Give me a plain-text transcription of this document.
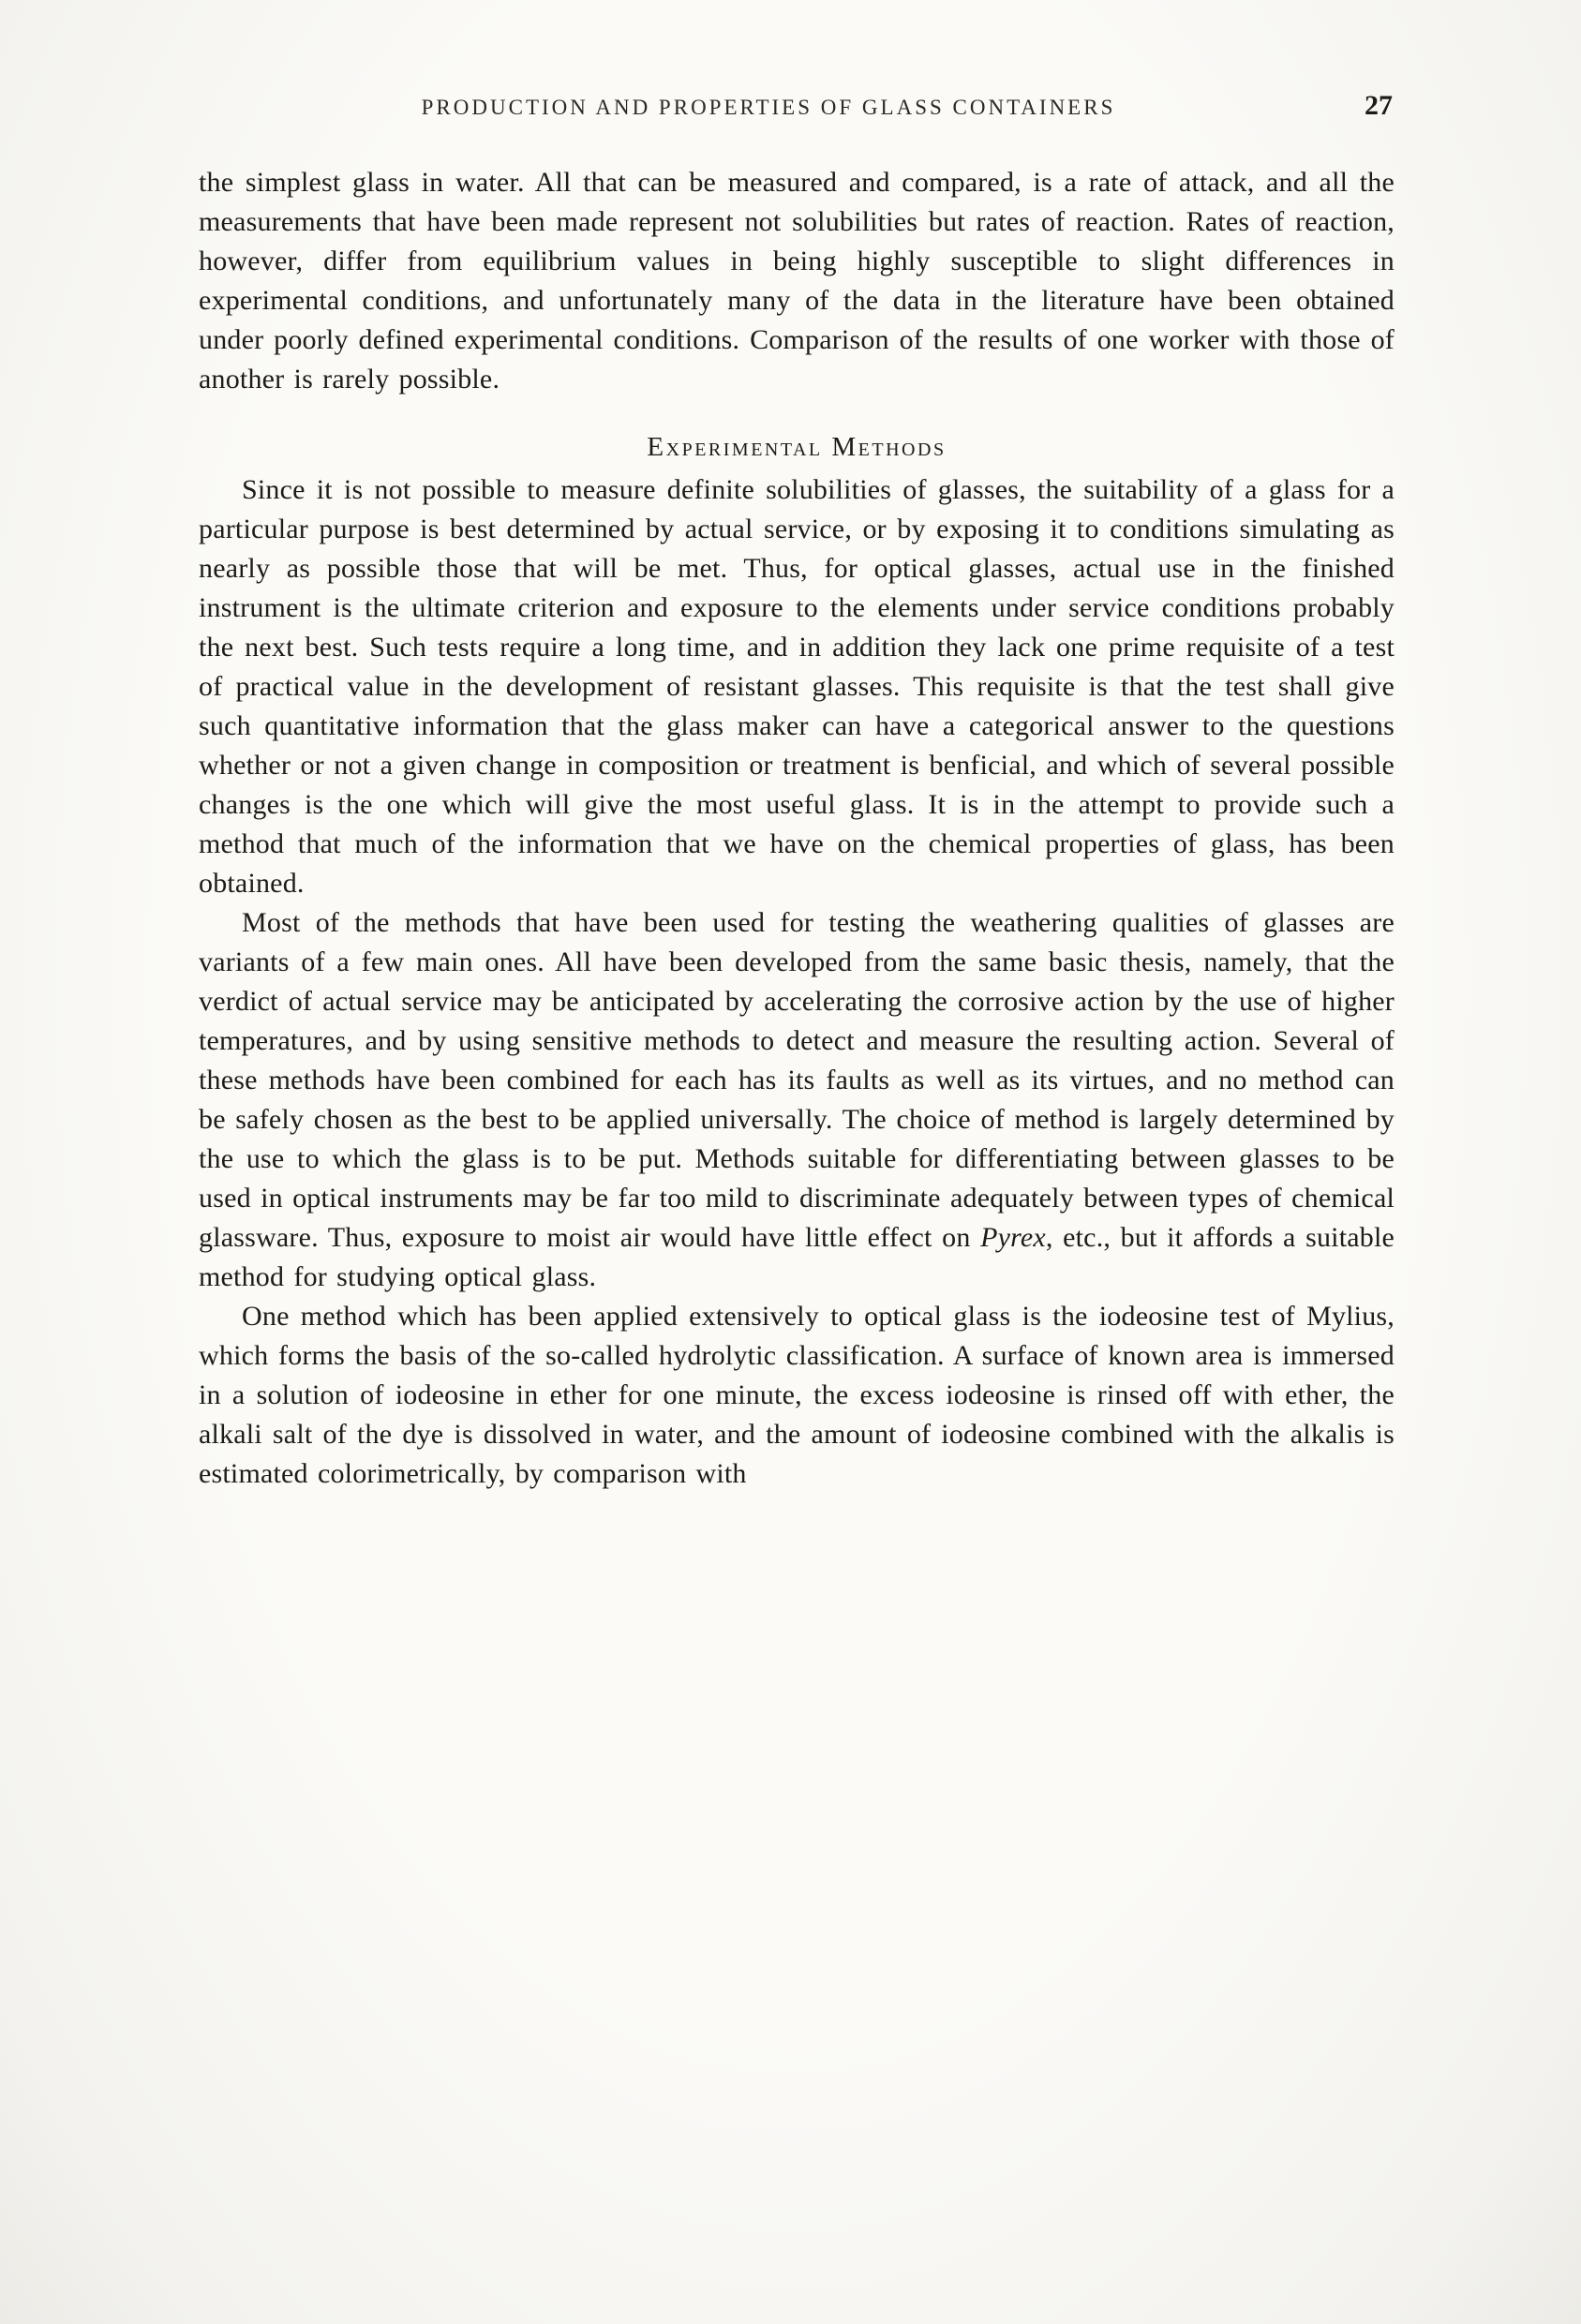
PRODUCTION AND PROPERTIES OF GLASS CONTAINERS	27

the simplest glass in water. All that can be measured and compared, is a rate of attack, and all the measurements that have been made represent not solubilities but rates of reaction. Rates of reaction, however, differ from equilibrium values in being highly susceptible to slight differences in experimental conditions, and unfortunately many of the data in the literature have been obtained under poorly defined experimental conditions. Comparison of the results of one worker with those of another is rarely possible.

Experimental Methods

Since it is not possible to measure definite solubilities of glasses, the suitability of a glass for a particular purpose is best determined by actual service, or by exposing it to conditions simulating as nearly as possible those that will be met. Thus, for optical glasses, actual use in the finished instrument is the ultimate criterion and exposure to the elements under service conditions probably the next best. Such tests require a long time, and in addition they lack one prime requisite of a test of practical value in the development of resistant glasses. This requisite is that the test shall give such quantitative information that the glass maker can have a categorical answer to the questions whether or not a given change in composition or treatment is benficial, and which of several possible changes is the one which will give the most useful glass. It is in the attempt to provide such a method that much of the information that we have on the chemical properties of glass, has been obtained.

Most of the methods that have been used for testing the weathering qualities of glasses are variants of a few main ones. All have been developed from the same basic thesis, namely, that the verdict of actual service may be anticipated by accelerating the corrosive action by the use of higher temperatures, and by using sensitive methods to detect and measure the resulting action. Several of these methods have been combined for each has its faults as well as its virtues, and no method can be safely chosen as the best to be applied universally. The choice of method is largely determined by the use to which the glass is to be put. Methods suitable for differentiating between glasses to be used in optical instruments may be far too mild to discriminate adequately between types of chemical glassware. Thus, exposure to moist air would have little effect on Pyrex, etc., but it affords a suitable method for studying optical glass.

One method which has been applied extensively to optical glass is the iodeosine test of Mylius, which forms the basis of the so-called hydrolytic classification. A surface of known area is immersed in a solution of iodeosine in ether for one minute, the excess iodeosine is rinsed off with ether, the alkali salt of the dye is dissolved in water, and the amount of iodeosine combined with the alkalis is estimated colorimetrically, by comparison with
